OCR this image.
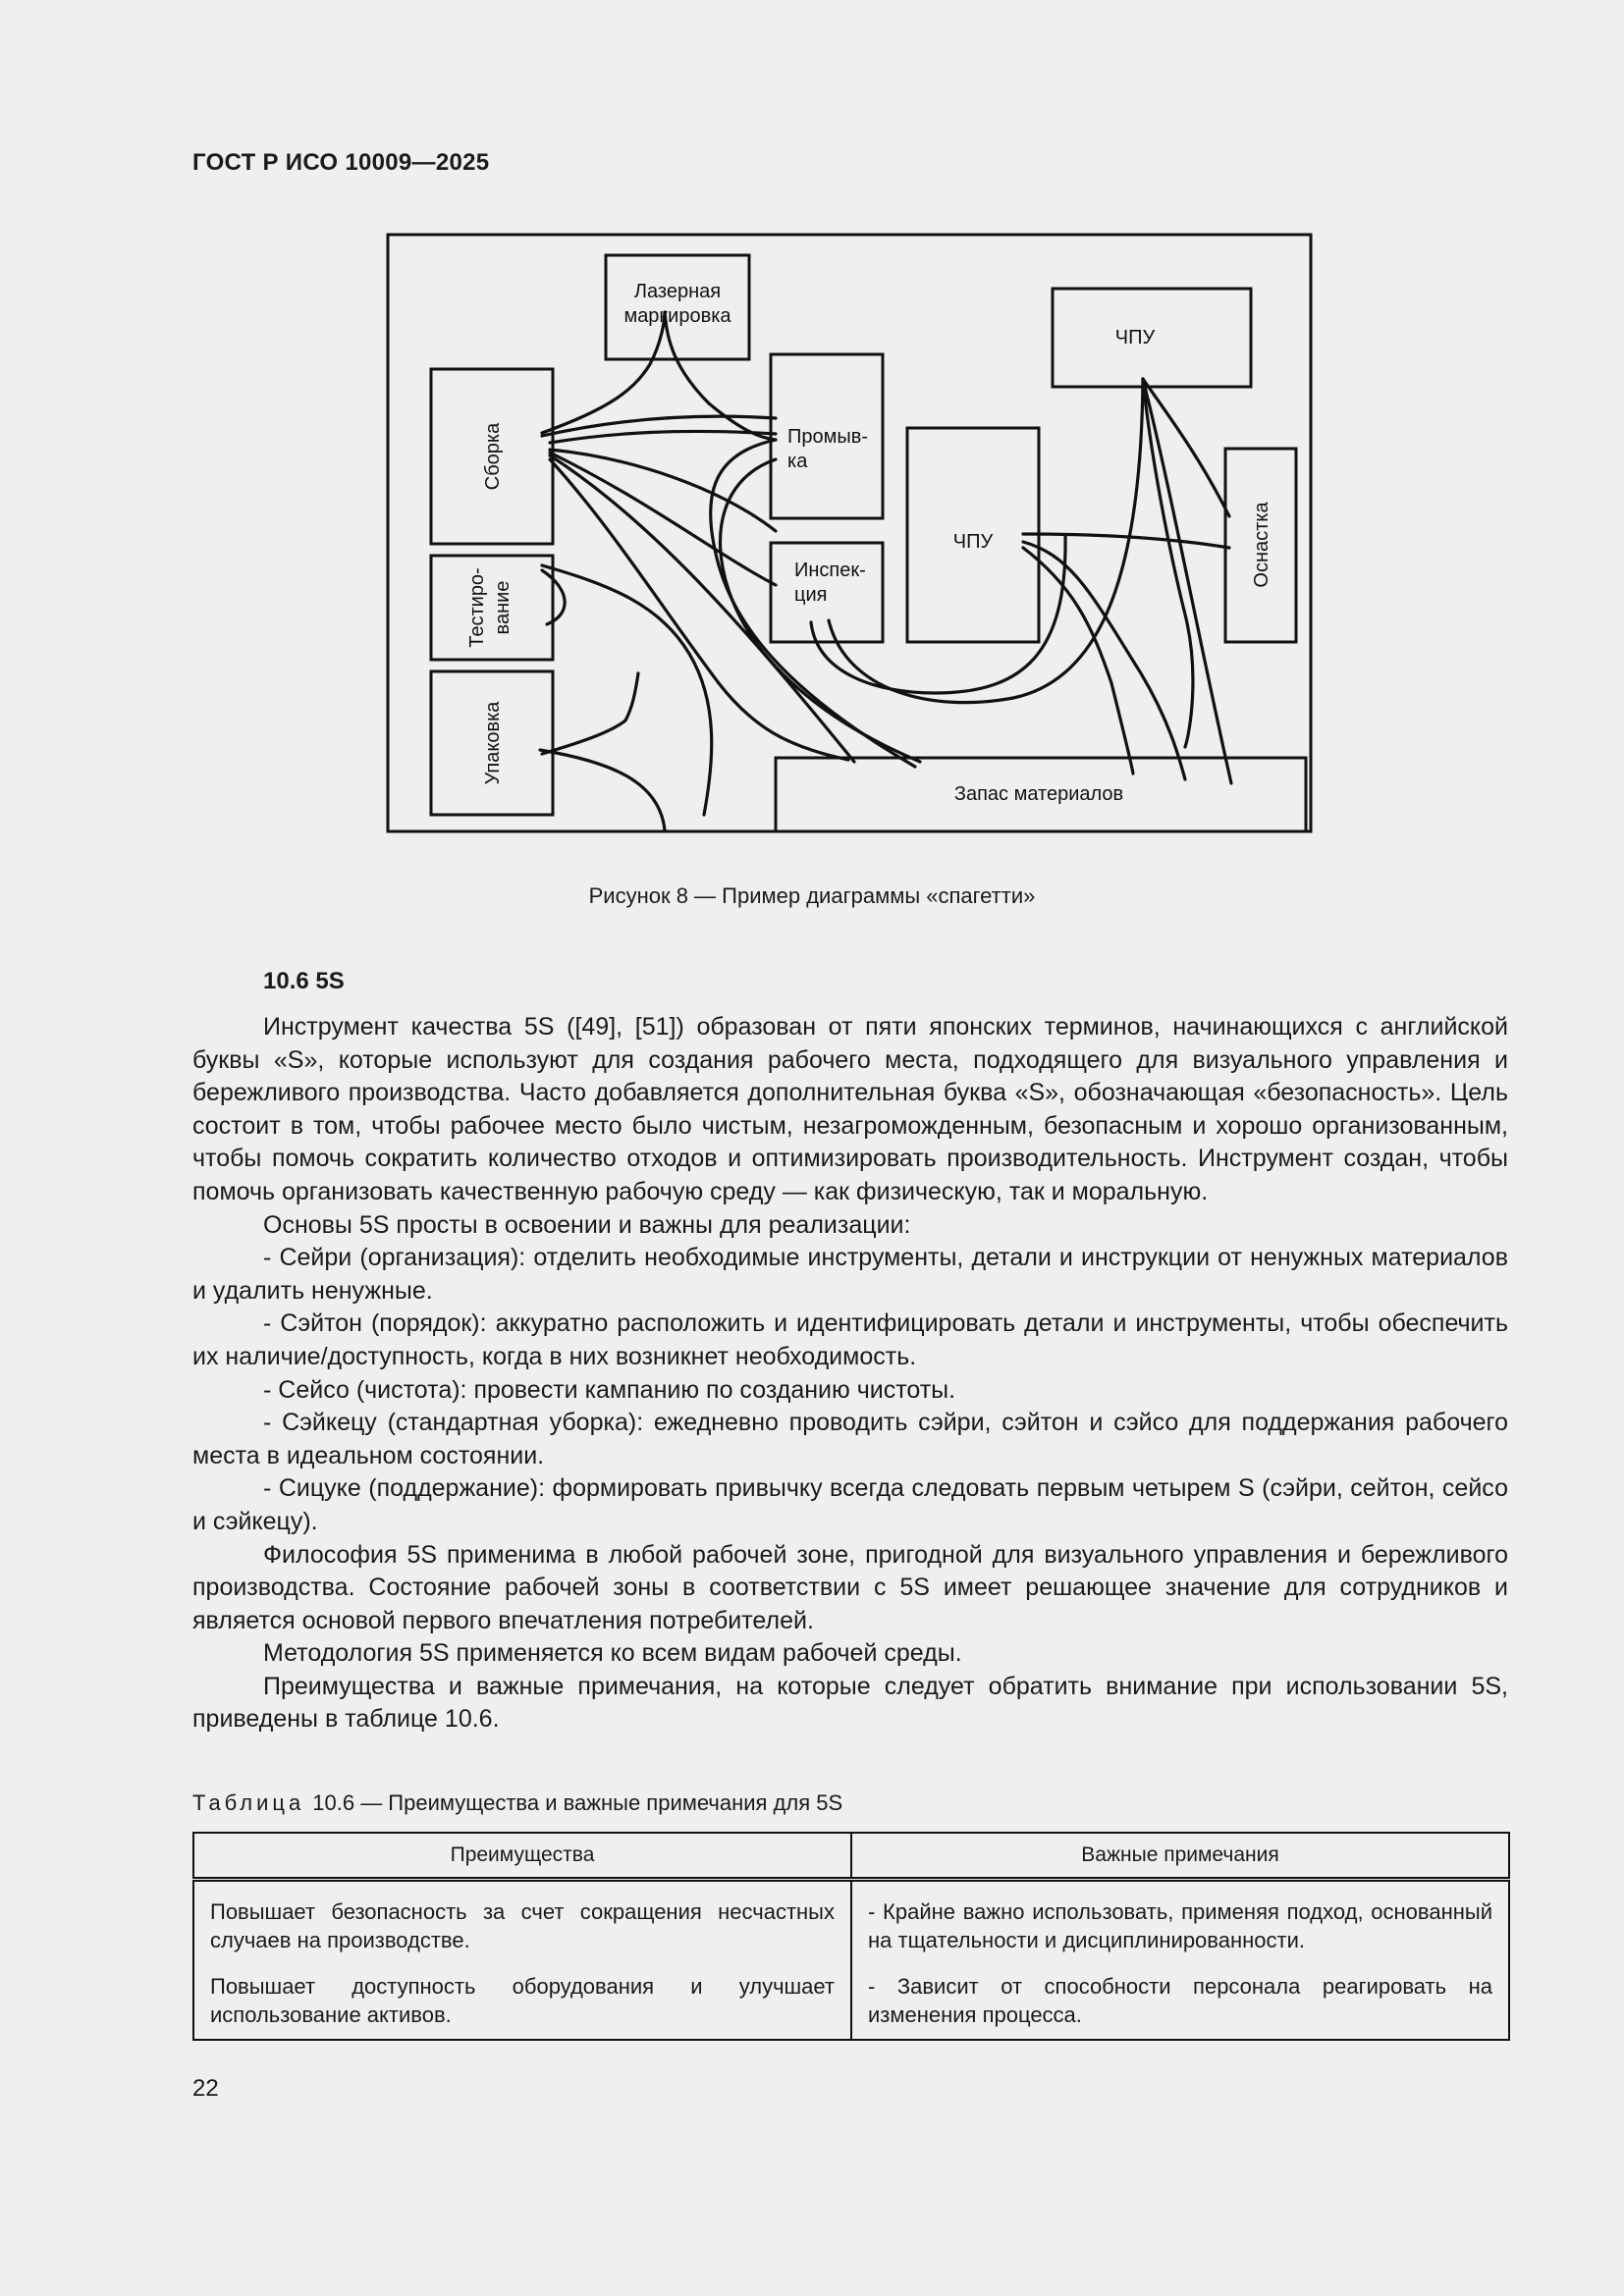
ГОСТ Р ИСО 10009—2025
Лазерная
маркировка
ЧПУ
Сборка	Промыв-
ка
ЧПУ	Оснастка
Тестиро- вание
Инспек-
ция
Упаковка
Запас материалов
Рисунок 8 — Пример диаграммы «спагетти»
10.6 5S

Инструмент качества 5S ([49], [51]) образован от пяти японских терминов, начинающихся с английской буквы «S», которые используют для создания рабочего места, подходящего для визуального управления и бережливого производства. Часто добавляется дополнительная буква «S», обозначающая «безопасность». Цель состоит в том, чтобы рабочее место было чистым, незагроможденным, безопасным и хорошо организованным, чтобы помочь сократить количество отходов и оптимизировать производительность. Инструмент создан, чтобы помочь организовать качественную рабочую среду — как физическую, так и моральную.

Основы 5S просты в освоении и важны для реализации:

- Сейри (организация): отделить необходимые инструменты, детали и инструкции от ненужных материалов и удалить ненужные.

- Сэйтон (порядок): аккуратно расположить и идентифицировать детали и инструменты, чтобы обеспечить их наличие/доступность, когда в них возникнет необходимость.

- Сейсо (чистота): провести кампанию по созданию чистоты.

- Сэйкецу (стандартная уборка): ежедневно проводить сэйри, сэйтон и сэйсо для поддержания рабочего места в идеальном состоянии.

- Сицуке (поддержание): формировать привычку всегда следовать первым четырем S (сэйри, сейтон, сейсо и сэйкецу).

Философия 5S применима в любой рабочей зоне, пригодной для визуального управления и бережливого производства. Состояние рабочей зоны в соответствии с 5S имеет решающее значение для сотрудников и является основой первого впечатления потребителей.

Методология 5S применяется ко всем видам рабочей среды.

Преимущества и важные примечания, на которые следует обратить внимание при использовании 5S, приведены в таблице 10.6.

Таблица 10.6 — Преимущества и важные примечания для 5S
Преимущества	Важные примечания
Повышает безопасность за счет сокращения несчастных случаев на производстве.	- Крайне важно использовать, применяя подход, основанный на тщательности и дисциплинированности.
Повышает доступность оборудования и улучшает использование активов.	- Зависит от способности персонала реагировать на изменения процесса.
22
